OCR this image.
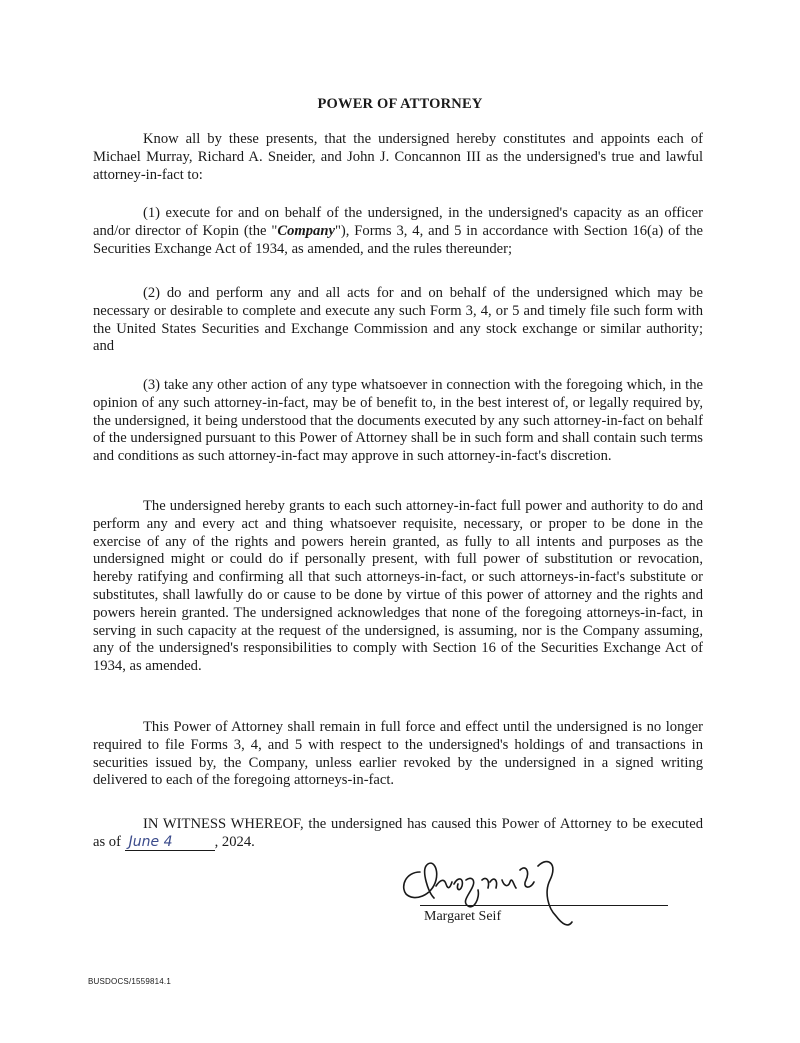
POWER OF ATTORNEY

Know all by these presents, that the undersigned hereby constitutes and appoints each of Michael Murray, Richard A. Sneider, and John J. Concannon III as the undersigned's true and lawful attorney-in-fact to:

(1) execute for and on behalf of the undersigned, in the undersigned's capacity as an officer and/or director of Kopin (the "Company"), Forms 3, 4, and 5 in accordance with Section 16(a) of the Securities Exchange Act of 1934, as amended, and the rules thereunder;

(2) do and perform any and all acts for and on behalf of the undersigned which may be necessary or desirable to complete and execute any such Form 3, 4, or 5 and timely file such form with the United States Securities and Exchange Commission and any stock exchange or similar authority; and

(3) take any other action of any type whatsoever in connection with the foregoing which, in the opinion of any such attorney-in-fact, may be of benefit to, in the best interest of, or legally required by, the undersigned, it being understood that the documents executed by any such attorney-in-fact on behalf of the undersigned pursuant to this Power of Attorney shall be in such form and shall contain such terms and conditions as such attorney-in-fact may approve in such attorney-in-fact's discretion.

The undersigned hereby grants to each such attorney-in-fact full power and authority to do and perform any and every act and thing whatsoever requisite, necessary, or proper to be done in the exercise of any of the rights and powers herein granted, as fully to all intents and purposes as the undersigned might or could do if personally present, with full power of substitution or revocation, hereby ratifying and confirming all that such attorneys-in-fact, or such attorneys-in-fact's substitute or substitutes, shall lawfully do or cause to be done by virtue of this power of attorney and the rights and powers herein granted. The undersigned acknowledges that none of the foregoing attorneys-in-fact, in serving in such capacity at the request of the undersigned, is assuming, nor is the Company assuming, any of the undersigned's responsibilities to comply with Section 16 of the Securities Exchange Act of 1934, as amended.

This Power of Attorney shall remain in full force and effect until the undersigned is no longer required to file Forms 3, 4, and 5 with respect to the undersigned's holdings of and transactions in securities issued by, the Company, unless earlier revoked by the undersigned in a signed writing delivered to each of the foregoing attorneys-in-fact.

IN WITNESS WHEREOF, the undersigned has caused this Power of Attorney to be executed as of June 4	, 2024.

Margaret Seif
BUSDOCS/1559814.1
